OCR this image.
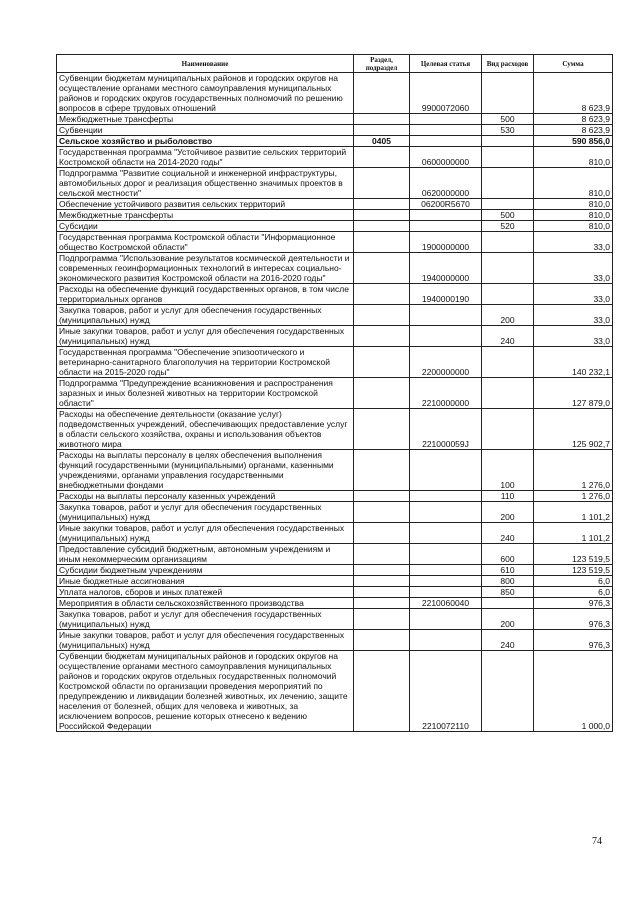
Наименование	Раздел, подраздел	Целевая статья	Вид расходов	Сумма
Субвенции бюджетам муниципальных районов и городских округов на осуществление органами местного самоуправления муниципальных районов и городских округов государственных полномочий по решению вопросов в сфере трудовых отношений		9900072060		8 623,9
Межбюджетные трансферты			500	8 623,9
Субвенции			530	8 623,9
Сельское хозяйство и рыболовство	0405			590 856,0
Государственная программа "Устойчивое развитие сельских территорий Костромской области на 2014-2020 годы"		0600000000		810,0
Подпрограмма "Развитие социальной и инженерной инфраструктуры, автомобильных дорог и реализация общественно значимых проектов в сельской местности"		0620000000		810,0
Обеспечение устойчивого развития сельских территорий		06200R5670		810,0
Межбюджетные трансферты			500	810,0
Субсидии			520	810,0
Государственная программа Костромской области "Информационное общество Костромской области"		1900000000		33,0
Подпрограмма "Использование результатов космической деятельности и современных геоинформационных технологий в интересах социально-экономического развития Костромской области на 2016-2020 годы"		1940000000		33,0
Расходы на обеспечение функций государственных органов, в том числе территориальных органов		1940000190		33,0
Закупка товаров, работ и услуг для обеспечения государственных (муниципальных) нужд			200	33,0
Иные закупки товаров, работ и услуг для обеспечения государственных (муниципальных) нужд			240	33,0
Государственная программа "Обеспечение эпизоотического и ветеринарно-санитарного благополучия на территории Костромской области на 2015-2020 годы"		2200000000		140 232,1
Подпрограмма "Предупреждение всанижновения и распространения заразных и иных болезней животных на территории Костромской области"		2210000000		127 879,0
Расходы на обеспечение деятельности (оказание услуг) подведомственных учреждений, обеспечивающих предоставление услуг в области сельского хозяйства, охраны и использования объектов животного мира		221000059J		125 902,7
Расходы на выплаты персоналу в целях обеспечения выполнения функций государственными (муниципальными) органами, казенными учреждениями, органами управления государственными внебюджетными фондами			100	1 276,0
Расходы на выплаты персоналу казенных учреждений			110	1 276,0
Закупка товаров, работ и услуг для обеспечения государственных (муниципальных) нужд			200	1 101,2
Иные закупки товаров, работ и услуг для обеспечения государственных (муниципальных) нужд			240	1 101,2
Предоставление субсидий бюджетным, автономным учреждениям и иным некоммерческим организациям			600	123 519,5
Субсидии бюджетным учреждениям			610	123 519,5
Иные бюджетные ассигнования			800	6,0
Уплата налогов, сборов и иных платежей			850	6,0
Мероприятия в области сельскохозяйственного производства		2210060040		976,3
Закупка товаров, работ и услуг для обеспечения государственных (муниципальных) нужд			200	976,3
Иные закупки товаров, работ и услуг для обеспечения государственных (муниципальных) нужд			240	976,3
Субвенции бюджетам муниципальных районов и городских округов на осуществление органами местного самоуправления муниципальных районов и городских округов отдельных государственных полномочий Костромской области по организации проведения мероприятий по предупреждению и ликвидации болезней животных, их лечению, защите населения от болезней, общих для человека и животных, за исключением вопросов, решение которых отнесено к ведению Российской Федерации		2210072110		1 000,0
74
